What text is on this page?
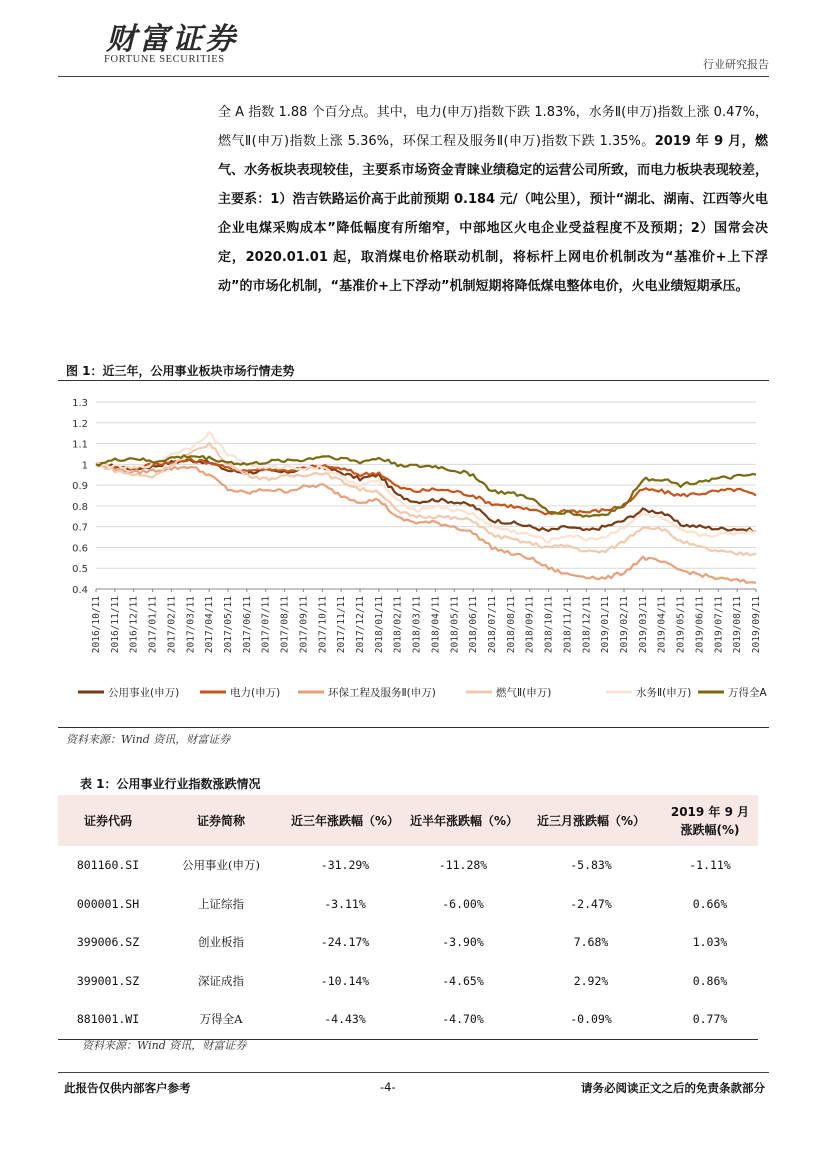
财富证券
FORTUNE SECURITIES	行业研究报告
全 A 指数 1.88 个百分点。其中，电力(申万)指数下跌 1.83%，水务Ⅱ(申万)指数上涨 0.47%，燃气Ⅱ(申万)指数上涨 5.36%，环保工程及服务Ⅱ(申万)指数下跌 1.35%。2019 年 9 月，燃气、水务板块表现较佳，主要系市场资金青睐业绩稳定的运营公司所致，而电力板块表现较差，主要系：1）浩吉铁路运价高于此前预期 0.184 元/（吨公里），预计“湖北、湖南、江西等火电企业电煤采购成本”降低幅度有所缩窄，中部地区火电企业受益程度不及预期；2）国常会决定，2020.01.01 起，取消煤电价格联动机制，将标杆上网电价机制改为“基准价+上下浮动”的市场化机制，“基准价+上下浮动”机制短期将降低煤电整体电价，火电业绩短期承压。
图 1：近三年，公用事业板块市场行情走势
1.3
1.2
1.1
1
0.9
0.8
0.7
0.6
0.5
0.4
2016/10/11 2016/11/11 2016/12/11 2017/01/11 2017/02/11 2017/03/11 2017/04/11 2017/05/11 2017/06/11 2017/07/11 2017/08/11 2017/09/11 2017/10/11 2017/11/11 2017/12/11 2018/01/11 2018/02/11 2018/03/11 2018/04/11 2018/05/11 2018/06/11 2018/07/11 2018/08/11 2018/09/11 2018/10/11 2018/11/11 2018/12/11 2019/01/11 2019/02/11 2019/03/11 2019/04/11 2019/05/11 2019/06/11 2019/07/11 2019/08/11 2019/09/11
公用事业(申万)	电力(申万)	环保工程及服务Ⅱ(申万)	燃气Ⅱ(申万)	水务Ⅱ(申万)	万得全A
资料来源：Wind 资讯，财富证券
表 1：公用事业行业指数涨跌情况
证券代码	证券简称	近三年涨跌幅（%）	近半年涨跌幅（%）	近三月涨跌幅（%）	2019 年 9 月涨跌幅(%)
801160.SI	公用事业(申万)	-31.29%	-11.28%	-5.83%	-1.11%
000001.SH	上证综指	-3.11%	-6.00%	-2.47%	0.66%
399006.SZ	创业板指	-24.17%	-3.90%	7.68%	1.03%
399001.SZ	深证成指	-10.14%	-4.65%	2.92%	0.86%
881001.WI	万得全A	-4.43%	-4.70%	-0.09%	0.77%
资料来源：Wind 资讯，财富证券
此报告仅供内部客户参考	-4-	请务必阅读正文之后的免责条款部分
